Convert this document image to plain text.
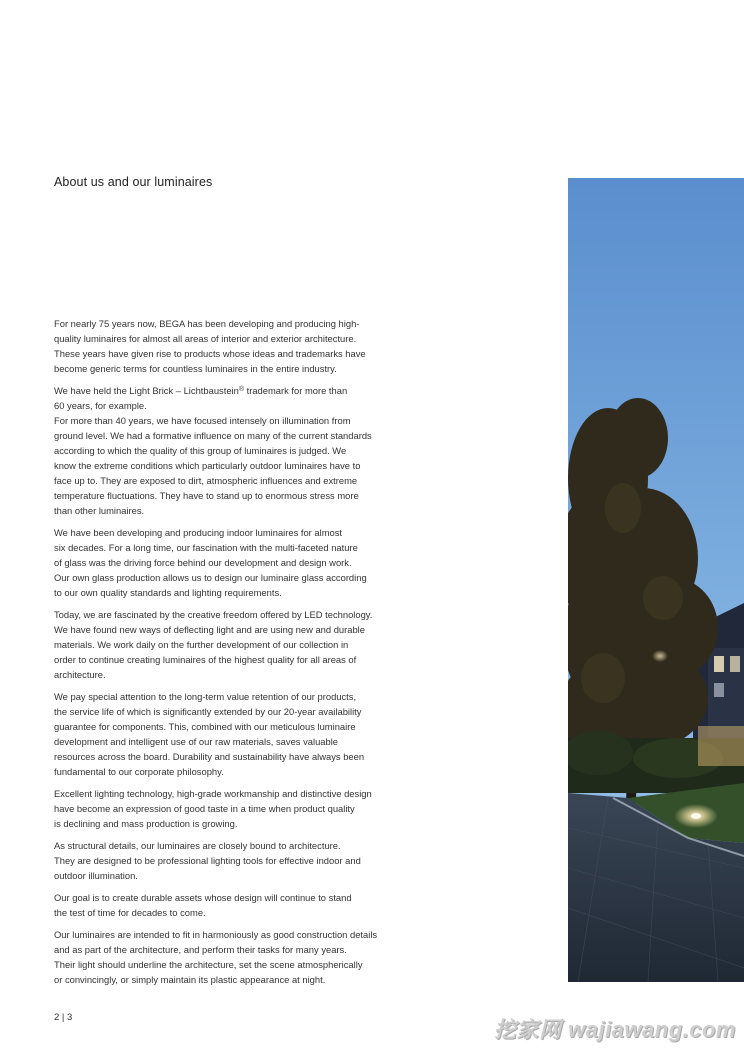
About us and our luminaires

For nearly 75 years now, BEGA has been developing and producing high-
quality luminaires for almost all areas of interior and exterior architecture.
These years have given rise to products whose ideas and trademarks have
become generic terms for countless luminaires in the entire industry.

We have held the Light Brick – Lichtbaustein® trademark for more than
60 years, for example.
For more than 40 years, we have focused intensely on illumination from
ground level. We had a formative influence on many of the current standards
according to which the quality of this group of luminaires is judged. We
know the extreme conditions which particularly outdoor luminaires have to
face up to. They are exposed to dirt, atmospheric influences and extreme
temperature fluctuations. They have to stand up to enormous stress more
than other luminaires.

We have been developing and producing indoor luminaires for almost
six decades. For a long time, our fascination with the multi-faceted nature
of glass was the driving force behind our development and design work.
Our own glass production allows us to design our luminaire glass according
to our own quality standards and lighting requirements.

Today, we are fascinated by the creative freedom offered by LED technology.
We have found new ways of deflecting light and are using new and durable
materials. We work daily on the further development of our collection in
order to continue creating luminaires of the highest quality for all areas of
architecture.

We pay special attention to the long-term value retention of our products,
the service life of which is significantly extended by our 20-year availability
guarantee for components. This, combined with our meticulous luminaire
development and intelligent use of our raw materials, saves valuable
resources across the board. Durability and sustainability have always been
fundamental to our corporate philosophy.

Excellent lighting technology, high-grade workmanship and distinctive design
have become an expression of good taste in a time when product quality
is declining and mass production is growing.

As structural details, our luminaires are closely bound to architecture.
They are designed to be professional lighting tools for effective indoor and
outdoor illumination.

Our goal is to create durable assets whose design will continue to stand
the test of time for decades to come.

Our luminaires are intended to fit in harmoniously as good construction details
and as part of the architecture, and perform their tasks for many years.
Their light should underline the architecture, set the scene atmospherically
or convincingly, or simply maintain its plastic appearance at night.

2 | 3	挖家网 wajiawang.com
